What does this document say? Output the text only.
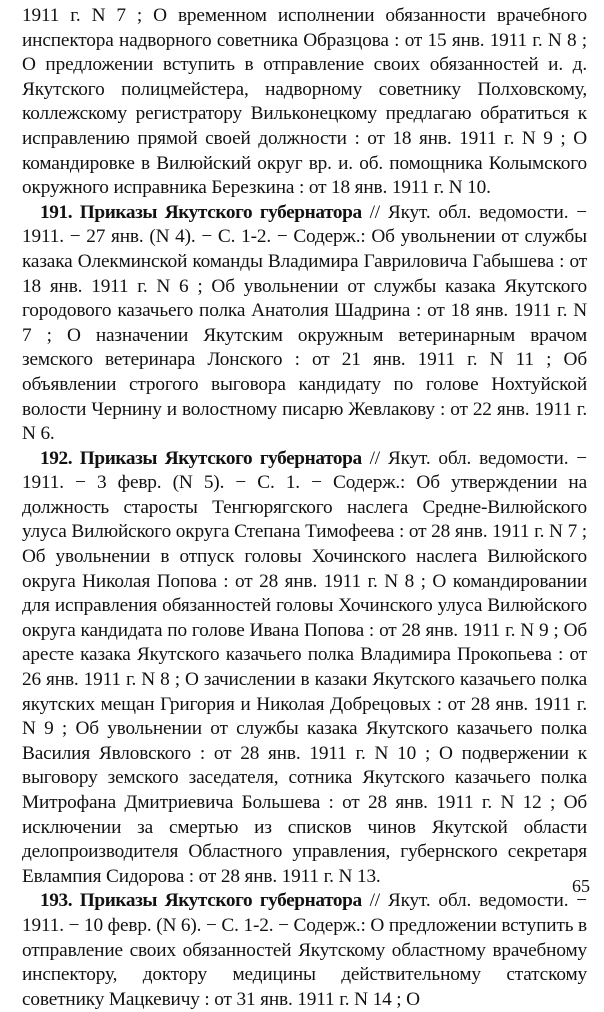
1911 г. N 7 ; О временном исполнении обязанности врачебного инспектора надворного советника Образцова : от 15 янв. 1911 г. N 8 ; О предложении вступить в отправление своих обязанностей и. д. Якутского полицмейстера, надворному советнику Полховскому, коллежскому регистратору Вильконецкому предлагаю обратиться к исправлению прямой своей должности : от 18 янв. 1911 г. N 9 ; О командировке в Вилюйский округ вр. и. об. помощника Колымского окружного исправника Березкина : от 18 янв. 1911 г. N 10.

191. Приказы Якутского губернатора // Якут. обл. ведомости. − 1911. − 27 янв. (N 4). − С. 1-2. − Содерж.: Об увольнении от службы казака Олекминской команды Владимира Гавриловича Габышева : от 18 янв. 1911 г. N 6 ; Об увольнении от службы казака Якутского городового казачьего полка Анатолия Шадрина : от 18 янв. 1911 г. N 7 ; О назначении Якутским окружным ветеринарным врачом земского ветеринара Лонского : от 21 янв. 1911 г. N 11 ; Об объявлении строгого выговора кандидату по голове Нохтуйской волости Чернину и волостному писарю Жевлакову : от 22 янв. 1911 г. N 6.

192. Приказы Якутского губернатора // Якут. обл. ведомости. − 1911. − 3 февр. (N 5). − С. 1. − Содерж.: Об утверждении на должность старосты Тенгюрягского наслега Средне-Вилюйского улуса Вилюйского округа Степана Тимофеева : от 28 янв. 1911 г. N 7 ; Об увольнении в отпуск головы Хочинского наслега Вилюйского округа Николая Попова : от 28 янв. 1911 г. N 8 ; О командировании для исправления обязанностей головы Хочинского улуса Вилюйского округа кандидата по голове Ивана Попова : от 28 янв. 1911 г. N 9 ; Об аресте казака Якутского казачьего полка Владимира Прокопьева : от 26 янв. 1911 г. N 8 ; О зачислении в казаки Якутского казачьего полка якутских мещан Григория и Николая Добрецовых : от 28 янв. 1911 г. N 9 ; Об увольнении от службы казака Якутского казачьего полка Василия Явловского : от 28 янв. 1911 г. N 10 ; О подвержении к выговору земского заседателя, сотника Якутского казачьего полка Митрофана Дмитриевича Большева : от 28 янв. 1911 г. N 12 ; Об исключении за смертью из списков чинов Якутской области делопроизводителя Областного управления, губернского секретаря Евлампия Сидорова : от 28 янв. 1911 г. N 13.

193. Приказы Якутского губернатора // Якут. обл. ведомости. − 1911. − 10 февр. (N 6). − С. 1-2. − Содерж.: О предложении вступить в отправление своих обязанностей Якутскому областному врачебному инспектору, доктору медицины действительному статскому советнику Мацкевичу : от 31 янв. 1911 г. N 14 ; О

65
